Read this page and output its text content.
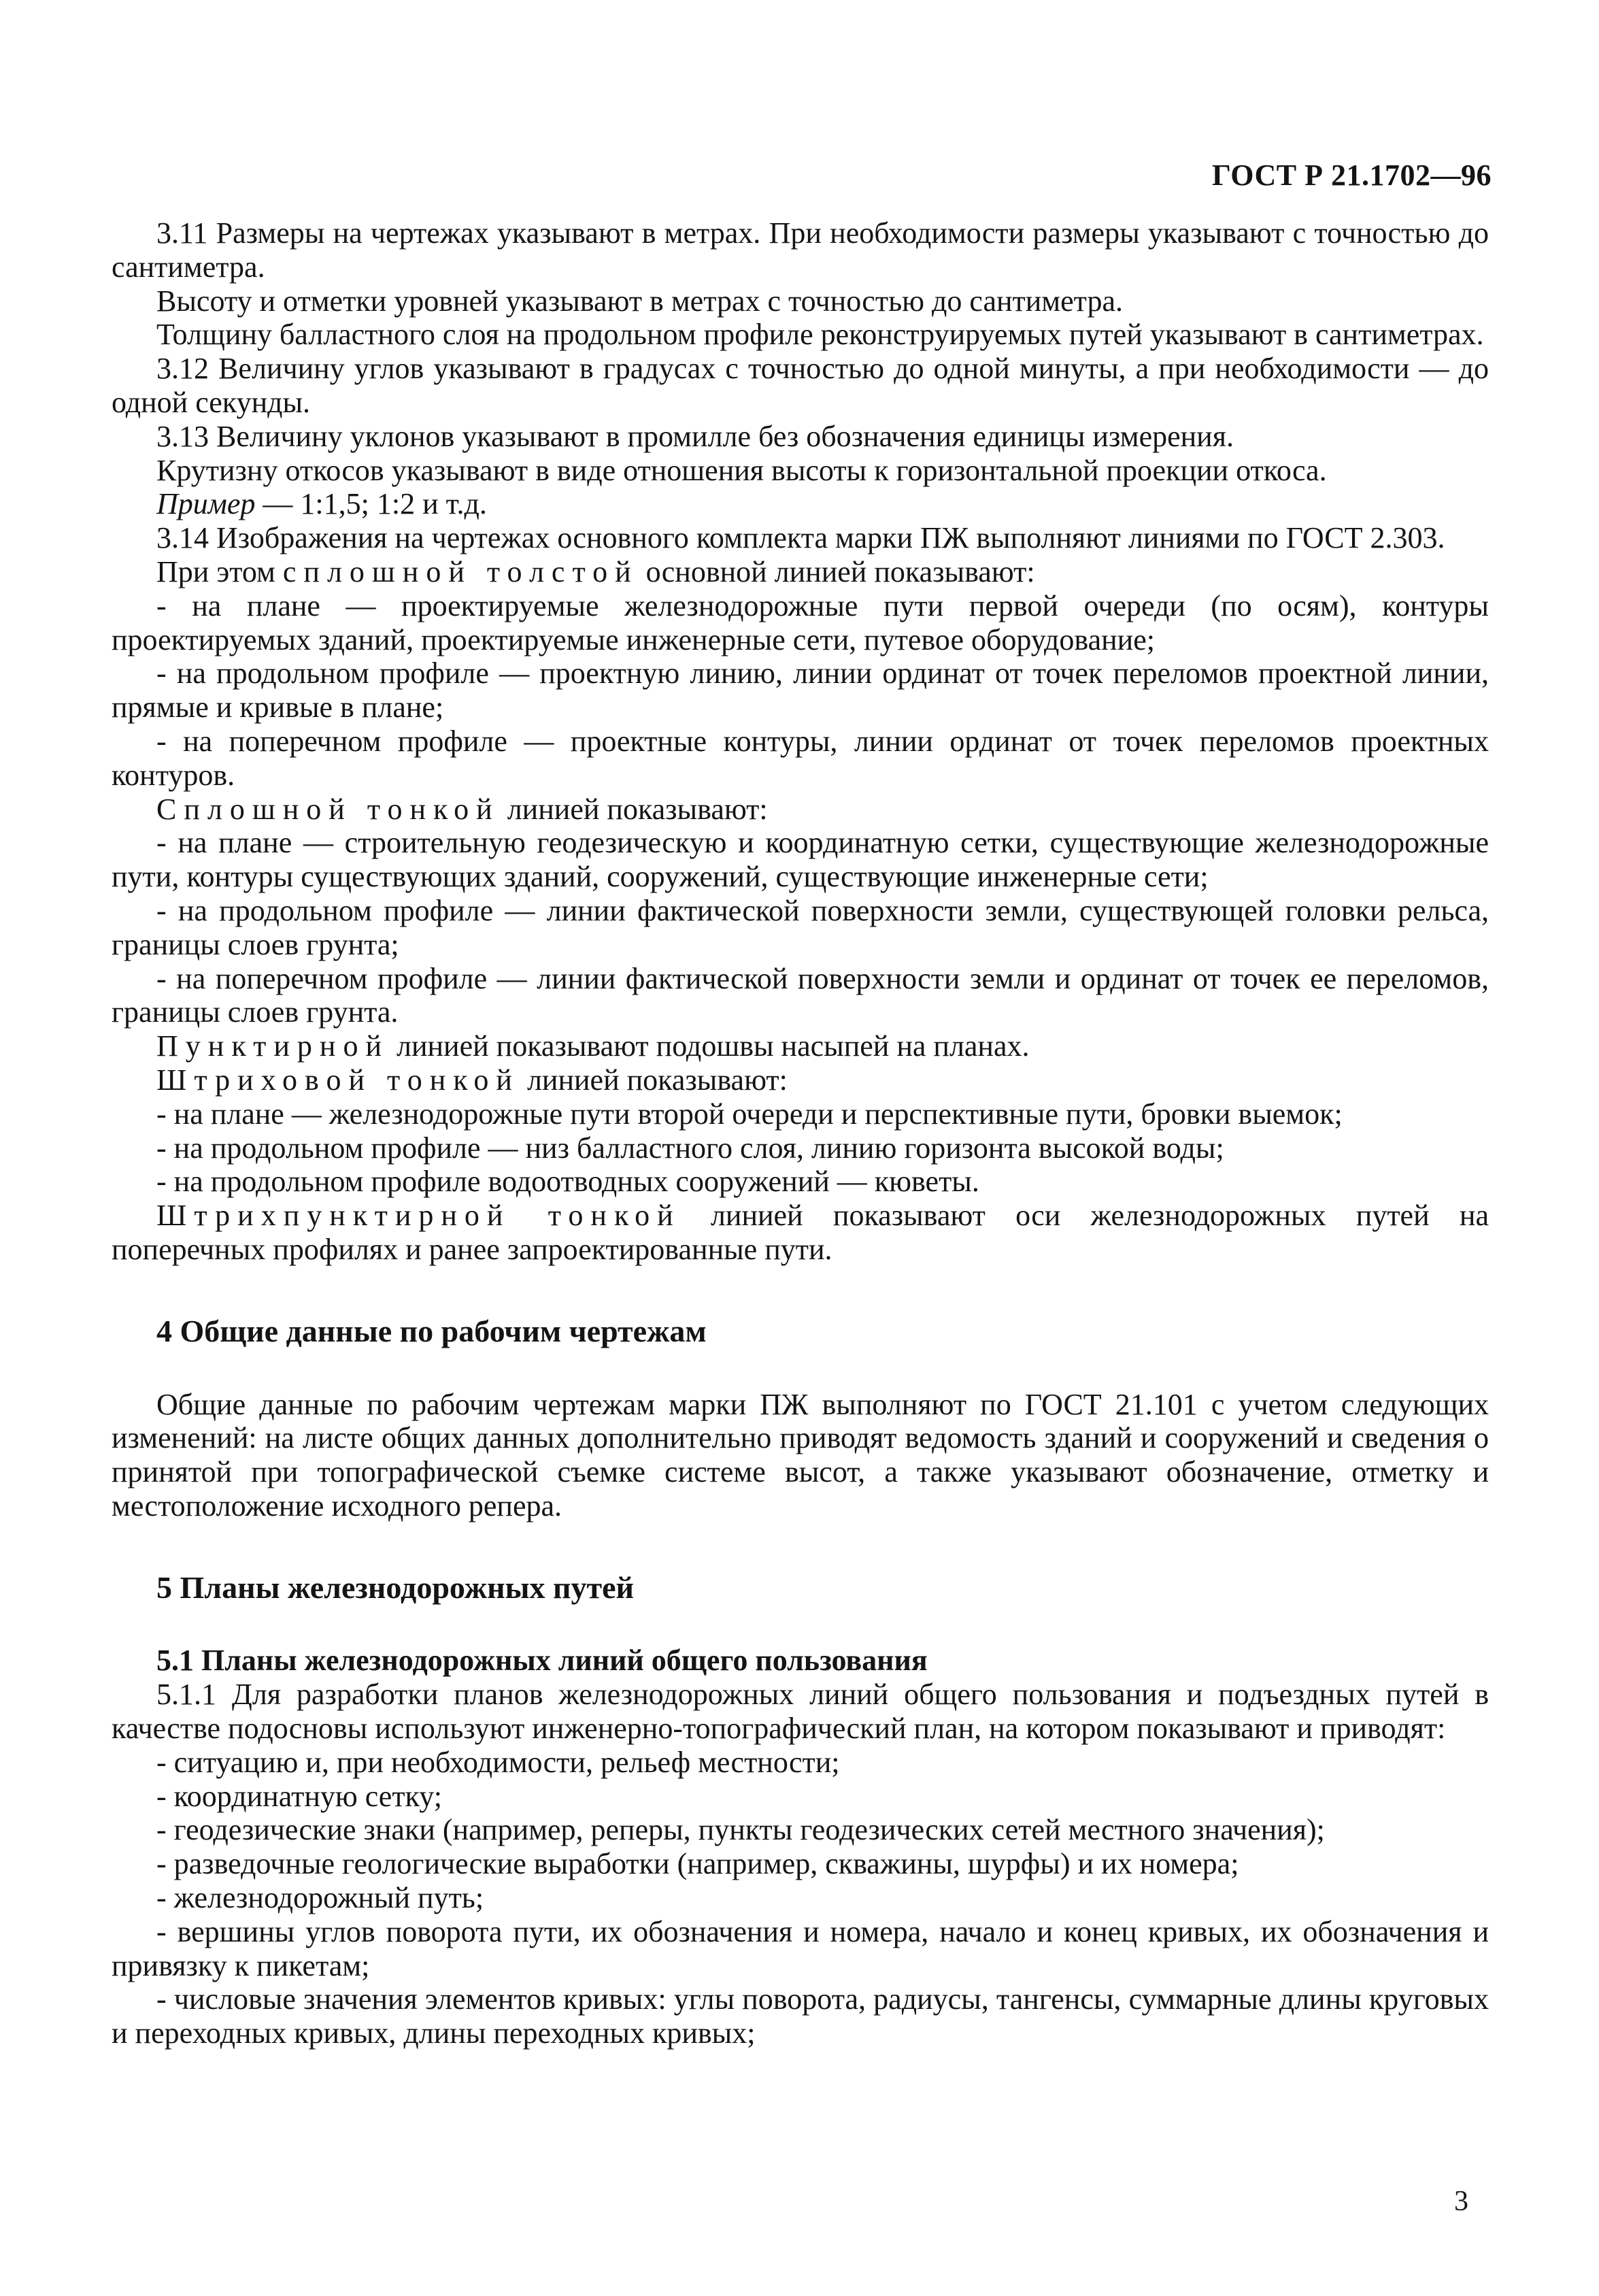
ГОСТ Р 21.1702—96

3.11 Размеры на чертежах указывают в метрах. При необходимости размеры указывают с точностью до сантиметра.

Высоту и отметки уровней указывают в метрах с точностью до сантиметра.

Толщину балластного слоя на продольном профиле реконструируемых путей указывают в сантиметрах.

3.12 Величину углов указывают в градусах с точностью до одной минуты, а при необходимости — до одной секунды.

3.13 Величину уклонов указывают в промилле без обозначения единицы измерения.

Крутизну откосов указывают в виде отношения высоты к горизонтальной проекции откоса.

Пример — 1:1,5; 1:2 и т.д.

3.14 Изображения на чертежах основного комплекта марки ПЖ выполняют линиями по ГОСТ 2.303.

При этом сплошной толстой основной линией показывают:

- на плане — проектируемые железнодорожные пути первой очереди (по осям), контуры проектируемых зданий, проектируемые инженерные сети, путевое оборудование;

- на продольном профиле — проектную линию, линии ординат от точек переломов проектной линии, прямые и кривые в плане;

- на поперечном профиле — проектные контуры, линии ординат от точек переломов проектных контуров.

Сплошной тонкой линией показывают:

- на плане — строительную геодезическую и координатную сетки, существующие железнодорожные пути, контуры существующих зданий, сооружений, существующие инженерные сети;

- на продольном профиле — линии фактической поверхности земли, существующей головки рельса, границы слоев грунта;

- на поперечном профиле — линии фактической поверхности земли и ординат от точек ее переломов, границы слоев грунта.

Пунктирной линией показывают подошвы насыпей на планах.

Штриховой тонкой линией показывают:

- на плане — железнодорожные пути второй очереди и перспективные пути, бровки выемок;

- на продольном профиле — низ балластного слоя, линию горизонта высокой воды;

- на продольном профиле водоотводных сооружений — кюветы.

Штрихпунктирной тонкой линией показывают оси железнодорожных путей на поперечных профилях и ранее запроектированные пути.

4 Общие данные по рабочим чертежам

Общие данные по рабочим чертежам марки ПЖ выполняют по ГОСТ 21.101 с учетом следующих изменений: на листе общих данных дополнительно приводят ведомость зданий и сооружений и сведения о принятой при топографической съемке системе высот, а также указывают обозначение, отметку и местоположение исходного репера.

5 Планы железнодорожных путей

5.1 Планы железнодорожных линий общего пользования

5.1.1 Для разработки планов железнодорожных линий общего пользования и подъездных путей в качестве подосновы используют инженерно-топографический план, на котором показывают и приводят:

- ситуацию и, при необходимости, рельеф местности;

- координатную сетку;

- геодезические знаки (например, реперы, пункты геодезических сетей местного значения);

- разведочные геологические выработки (например, скважины, шурфы) и их номера;

- железнодорожный путь;

- вершины углов поворота пути, их обозначения и номера, начало и конец кривых, их обозначения и привязку к пикетам;

- числовые значения элементов кривых: углы поворота, радиусы, тангенсы, суммарные длины круговых и переходных кривых, длины переходных кривых;

3
